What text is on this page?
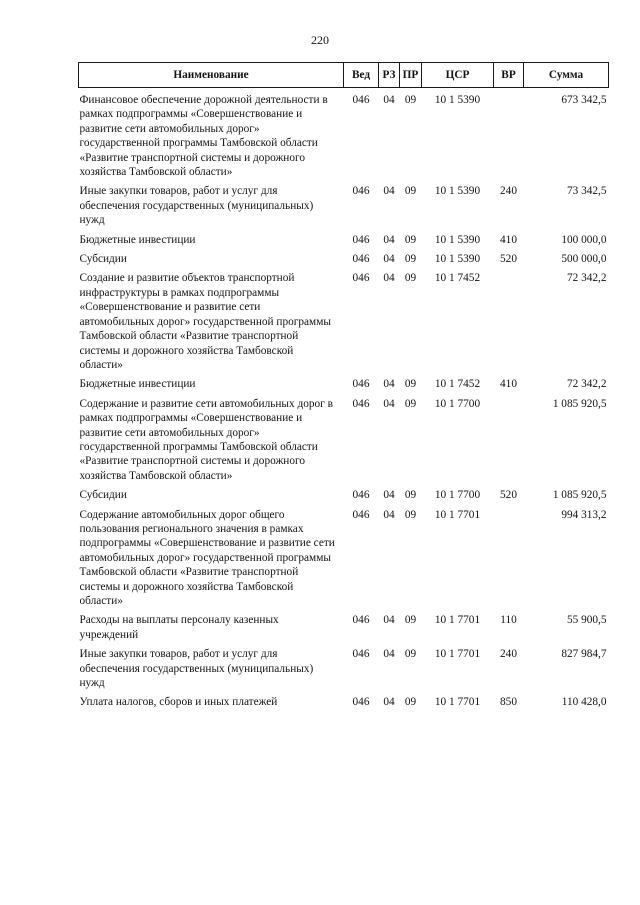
220
Наименование	Вед	РЗ	ПР	ЦСР	ВР	Сумма
Финансовое обеспечение дорожной деятельности в рамках подпрограммы «Совершенствование и развитие сети автомобильных дорог» государственной программы Тамбовской области «Развитие транспортной системы и дорожного хозяйства Тамбовской области»	046	04	09	10 1 5390		673 342,5
Иные закупки товаров, работ и услуг для обеспечения государственных (муниципальных) нужд	046	04	09	10 1 5390	240	73 342,5
Бюджетные инвестиции	046	04	09	10 1 5390	410	100 000,0
Субсидии	046	04	09	10 1 5390	520	500 000,0
Создание и развитие объектов транспортной инфраструктуры в рамках подпрограммы «Совершенствование и развитие сети автомобильных дорог» государственной программы Тамбовской области «Развитие транспортной системы и дорожного хозяйства Тамбовской области»	046	04	09	10 1 7452		72 342,2
Бюджетные инвестиции	046	04	09	10 1 7452	410	72 342,2
Содержание и развитие сети автомобильных дорог в рамках подпрограммы «Совершенствование и развитие сети автомобильных дорог» государственной программы Тамбовской области «Развитие транспортной системы и дорожного хозяйства Тамбовской области»	046	04	09	10 1 7700		1 085 920,5
Субсидии	046	04	09	10 1 7700	520	1 085 920,5
Содержание автомобильных дорог общего пользования регионального значения в рамках подпрограммы «Совершенствование и развитие сети автомобильных дорог» государственной программы Тамбовской области «Развитие транспортной системы и дорожного хозяйства Тамбовской области»	046	04	09	10 1 7701		994 313,2
Расходы на выплаты персоналу казенных учреждений	046	04	09	10 1 7701	110	55 900,5
Иные закупки товаров, работ и услуг для обеспечения государственных (муниципальных) нужд	046	04	09	10 1 7701	240	827 984,7
Уплата налогов, сборов и иных платежей	046	04	09	10 1 7701	850	110 428,0
